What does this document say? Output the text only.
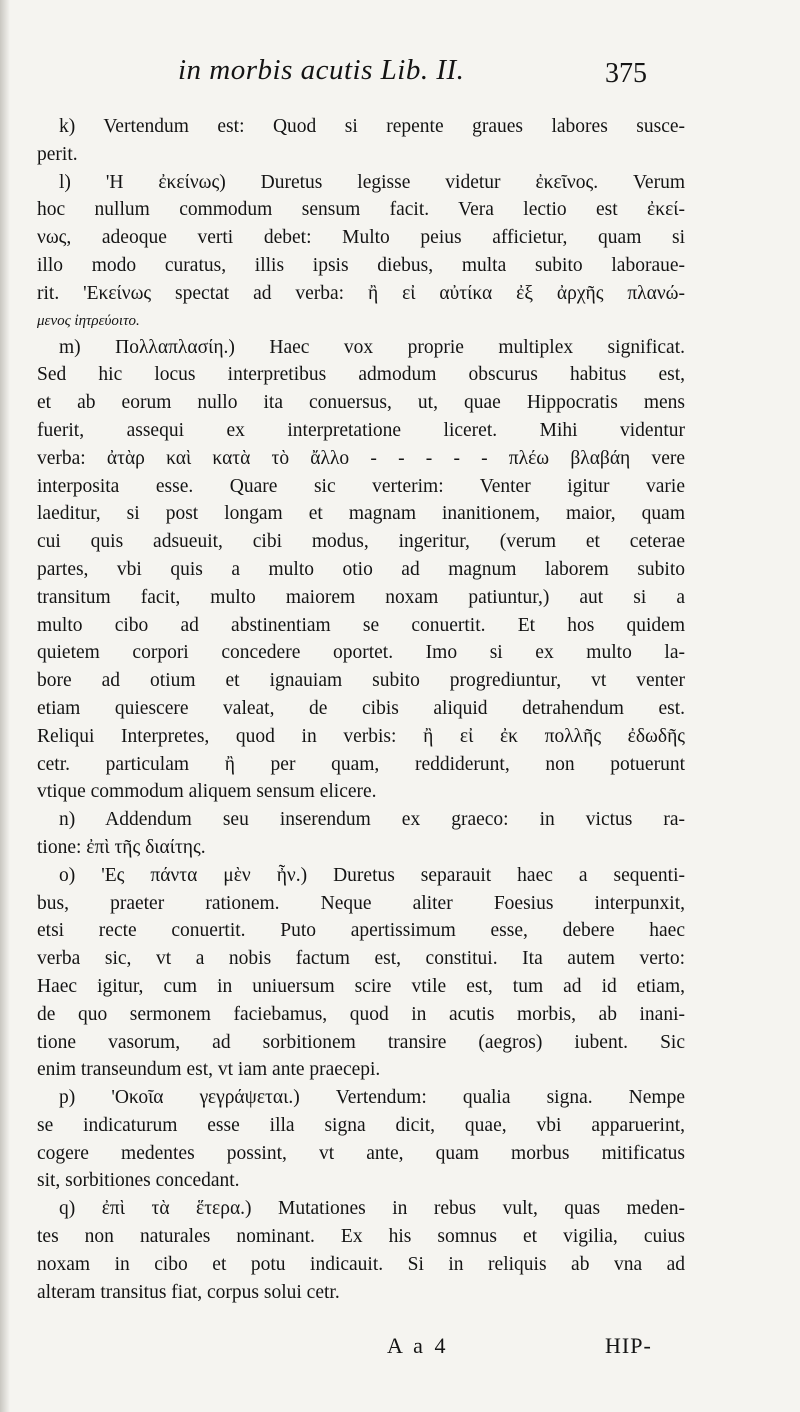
in morbis acutis Lib. II.	375
k) Vertendum est: Quod si repente graues labores susce-
perit.
l) 'H ἐκείνως) Duretus legisse videtur ἐκεῖνος. Verum
hoc nullum commodum sensum facit. Vera lectio est ἐκεί-
νως, adeoque verti debet: Multo peius afficietur, quam si
illo modo curatus, illis ipsis diebus, multa subito laboraue-
rit. 'Εκείνως spectat ad verba: ἢ εἰ αὐτίκα ἐξ ἀρχῆς πλανώ-
μενος ἰητρεύοιτο.
m) Πολλαπλασίη.) Haec vox proprie multiplex significat.
Sed hic locus interpretibus admodum obscurus habitus est,
et ab eorum nullo ita conuersus, ut, quae Hippocratis mens
fuerit, assequi ex interpretatione liceret. Mihi videntur
verba: ἀτὰρ καὶ κατὰ τὸ ἄλλο - - - - - πλέω βλαβάη vere
interposita esse. Quare sic verterim: Venter igitur varie
laeditur, si post longam et magnam inanitionem, maior, quam
cui quis adsueuit, cibi modus, ingeritur, (verum et ceterae
partes, vbi quis a multo otio ad magnum laborem subito
transitum facit, multo maiorem noxam patiuntur,) aut si a
multo cibo ad abstinentiam se conuertit. Et hos quidem
quietem corpori concedere oportet. Imo si ex multo la-
bore ad otium et ignauiam subito progrediuntur, vt venter
etiam quiescere valeat, de cibis aliquid detrahendum est.
Reliqui Interpretes, quod in verbis: ἢ εἰ ἐκ πολλῆς ἐδωδῆς
cetr. particulam ἢ per quam, reddiderunt, non potuerunt
vtique commodum aliquem sensum elicere.
n) Addendum seu inserendum ex graeco: in victus ra-
tione: ἐπὶ τῆς διαίτης.
o) 'Ες πάντα μὲν ἦν.) Duretus separauit haec a sequenti-
bus, praeter rationem. Neque aliter Foesius interpunxit,
etsi recte conuertit. Puto apertissimum esse, debere haec
verba sic, vt a nobis factum est, constitui. Ita autem verto:
Haec igitur, cum in uniuersum scire vtile est, tum ad id etiam,
de quo sermonem faciebamus, quod in acutis morbis, ab inani-
tione vasorum, ad sorbitionem transire (aegros) iubent. Sic
enim transeundum est, vt iam ante praecepi.
p) 'Οκοῖα γεγράψεται.) Vertendum: qualia signa. Nempe
se indicaturum esse illa signa dicit, quae, vbi apparuerint,
cogere medentes possint, vt ante, quam morbus mitificatus
sit, sorbitiones concedant.
q) ἐπὶ τὰ ἕτερα.) Mutationes in rebus vult, quas meden-
tes non naturales nominant. Ex his somnus et vigilia, cuius
noxam in cibo et potu indicauit. Si in reliquis ab vna ad
alteram transitus fiat, corpus solui cetr.
A a 4	HIP-
